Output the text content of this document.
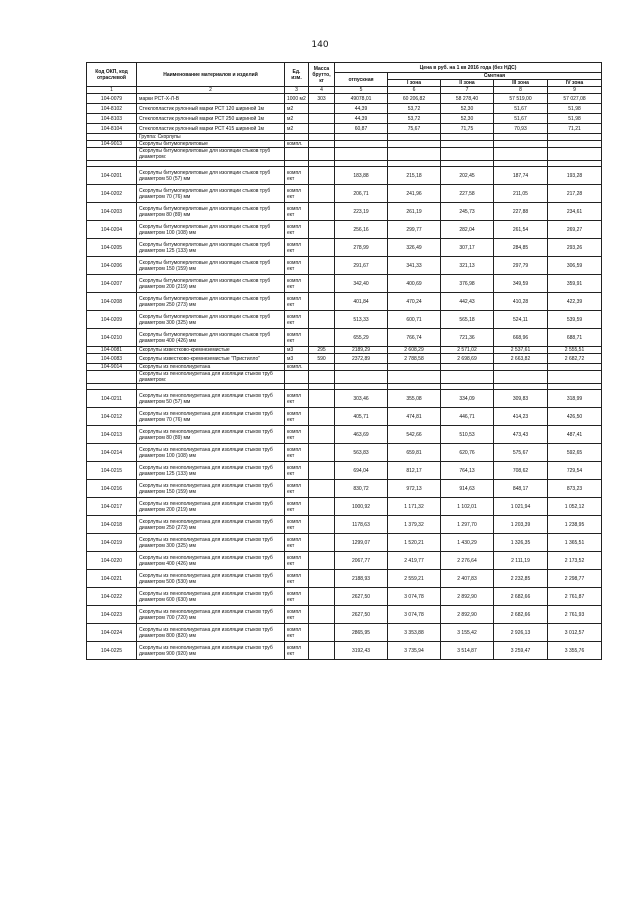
140
Код ОКП, код отраслевой	Наименование материалов и изделий	Ед. изм.	Масса брутто, кг	Цена в руб. на 1 кв 2016 года (без НДС)				
				отпускная	Сметная			
					I зона	II зона	III зона	IV зона
1	2	3	4	5	6	7	8	9
104-0079	марки РСТ-Х-Л-В	1000 м2	303	49078,01	60 206,82	58 278,40	57 519,00	57 027,08
104-8102	Стеклопластик рулонный марки РСТ 120 шириной 1м	м2		44,39	53,72	52,30	51,67	51,98
104-8103	Стеклопластик рулонный марки РСТ 250 шириной 1м	м2		44,39	53,72	52,30	51,67	51,98
104-8104	Стеклопластик рулонный марки РСТ 415 шириной 1м	м2		60,87	75,67	71,75	70,93	71,21
	Группа: Скорлупы							
104-9013	Скорлупы битумоперлитовые	компл.						
	Скорлупы битумоперлитовые для изоляции стыков труб диаметром:							

104-0201	Скорлупы битумоперлитовые для изоляции стыков труб диаметром 50 (57) мм	компл ект		183,88	215,18	202,45	187,74	193,28
104-0202	Скорлупы битумоперлитовые для изоляции стыков труб диаметром 70 (76) мм	компл ект		206,71	241,96	227,58	211,05	217,28
104-0203	Скорлупы битумоперлитовые для изоляции стыков труб диаметром 80 (89) мм	компл ект		223,19	261,19	245,73	227,88	234,61
104-0204	Скорлупы битумоперлитовые для изоляции стыков труб диаметром 100 (108) мм	компл ект		256,16	299,77	282,04	261,54	269,27
104-0205	Скорлупы битумоперлитовые для изоляции стыков труб диаметром 125 (133) мм	компл ект		278,99	326,49	307,17	284,85	293,26
104-0206	Скорлупы битумоперлитовые для изоляции стыков труб диаметром 150 (159) мм	компл ект		291,67	341,33	321,13	297,79	306,59
104-0207	Скорлупы битумоперлитовые для изоляции стыков труб диаметром 200 (219) мм	компл ект		342,40	400,69	376,98	349,59	359,91
104-0208	Скорлупы битумоперлитовые для изоляции стыков труб диаметром 250 (273) мм	компл ект		401,84	470,24	442,43	410,28	422,39
104-0209	Скорлупы битумоперлитовые для изоляции стыков труб диаметром 300 (325) мм	компл ект		513,33	600,71	565,18	524,11	539,59
104-0210	Скорлупы битумоперлитовые для изоляции стыков труб диаметром 400 (426) мм	компл ект		655,29	766,74	721,36	668,96	688,71
104-0081	Скорлупы известково-кремнеземистые	м3	295	2189,29	2 608,29	2 571,02	2 537,61	2 555,51
104-0083	Скорлупы известково-кремнеземистые "Пристилло"	м3	590	2372,89	2 788,58	2 698,69	2 663,82	2 682,72
104-9014	Скорлупы из пенополиуретана	компл.						
	Скорлупы из пенополиуретана для изоляции стыков труб диаметром:							

104-0211	Скорлупы из пенополиуретана для изоляции стыков труб диаметром 50 (57) мм	компл ект		303,46	355,08	334,09	309,83	318,99
104-0212	Скорлупы из пенополиуретана для изоляции стыков труб диаметром 70 (76) мм	компл ект		405,71	474,81	446,71	414,23	426,50
104-0213	Скорлупы из пенополиуретана для изоляции стыков труб диаметром 80 (89) мм	компл ект		463,69	542,66	510,53	473,43	487,41
104-0214	Скорлупы из пенополиуретана для изоляции стыков труб диаметром 100 (108) мм	компл ект		563,83	659,81	620,76	575,67	592,65
104-0215	Скорлупы из пенополиуретана для изоляции стыков труб диаметром 125 (133) мм	компл ект		694,04	812,17	764,13	708,62	729,54
104-0216	Скорлупы из пенополиуретана для изоляции стыков труб диаметром 150 (159) мм	компл ект		830,72	972,13	914,63	848,17	873,23
104-0217	Скорлупы из пенополиуретана для изоляции стыков труб диаметром 200 (219) мм	компл ект		1000,92	1 171,32	1 102,01	1 021,94	1 052,12
104-0218	Скорлупы из пенополиуретана для изоляции стыков труб диаметром 250 (273) мм	компл ект		1178,63	1 379,32	1 297,70	1 203,39	1 238,95
104-0219	Скорлупы из пенополиуретана для изоляции стыков труб диаметром 300 (325) мм	компл ект		1299,07	1 520,21	1 430,29	1 326,35	1 365,51
104-0220	Скорлупы из пенополиуретана для изоляции стыков труб диаметром 400 (426) мм	компл ект		2067,77	2 419,77	2 276,64	2 111,19	2 173,52
104-0221	Скорлупы из пенополиуретана для изоляции стыков труб диаметром 500 (530) мм	компл ект		2188,93	2 559,21	2 407,83	2 232,85	2 298,77
104-0222	Скорлупы из пенополиуретана для изоляции стыков труб диаметром 600 (630) мм	компл ект		2627,50	3 074,78	2 892,90	2 682,66	2 761,87
104-0223	Скорлупы из пенополиуретана для изоляции стыков труб диаметром 700 (720) мм	компл ект		2627,50	3 074,78	2 892,90	2 682,66	2 761,93
104-0224	Скорлупы из пенополиуретана для изоляции стыков труб диаметром 800 (820) мм	компл ект		2865,95	3 353,88	3 155,42	2 926,13	3 012,57
104-0225	Скорлупы из пенополиуретана для изоляции стыков труб диаметром 900 (920) мм	компл ект		3192,43	3 735,94	3 514,87	3 259,47	3 355,76
